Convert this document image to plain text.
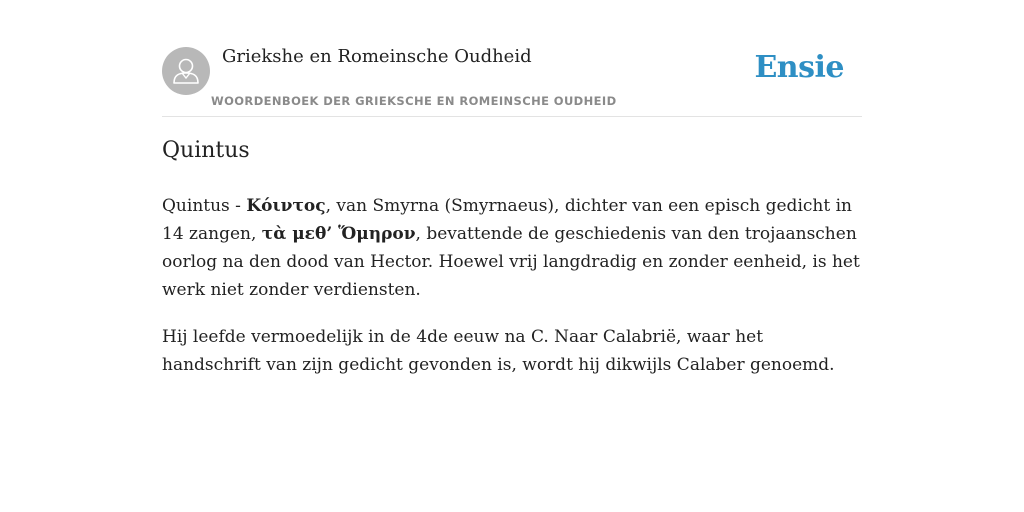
Griekshe en Romeinsche Oudheid
WOORDENBOEK DER GRIEKSCHE EN ROMEINSCHE OUDHEID
Ensie
Quintus

Quintus - Κόιντος, van Smyrna (Smyrnaeus), dichter van een episch gedicht in 14 zangen, τὰ μεθ’ Ὅμηρον, bevattende de geschiedenis van den trojaanschen oorlog na den dood van Hector. Hoewel vrij langdradig en zonder eenheid, is het werk niet zonder verdiensten.

Hij leefde vermoedelijk in de 4de eeuw na C. Naar Calabrië, waar het handschrift van zijn gedicht gevonden is, wordt hij dikwijls Calaber genoemd.
